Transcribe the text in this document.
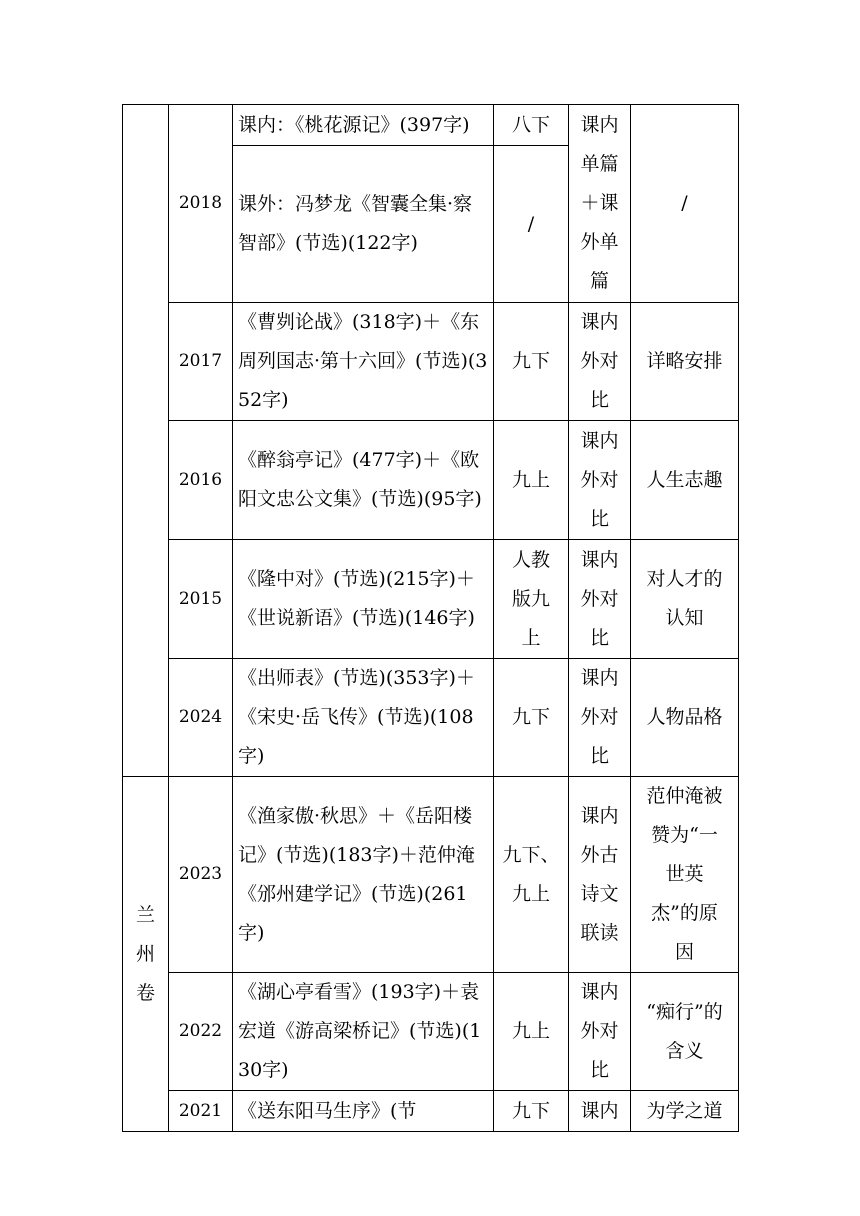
	2018	课内：《桃花源记》(397字)	八下	课内单篇＋课外单篇	/
		课外：冯梦龙《智囊全集·察智部》(节选)(122字)	/		
	2017	《曹刿论战》(318字)＋《东周列国志·第十六回》(节选)(352字)	九下	课内外对比	详略安排
	2016	《醉翁亭记》(477字)＋《欧阳文忠公文集》(节选)(95字)	九上	课内外对比	人生志趣
	2015	《隆中对》(节选)(215字)＋《世说新语》(节选)(146字)	人教版九上	课内外对比	对人才的认知

	2024	《出师表》(节选)(353字)＋《宋史·岳飞传》(节选)(108字)	九下	课内外对比	人物品格

兰州卷	2023	《渔家傲·秋思》＋《岳阳楼记》(节选)(183字)＋范仲淹《邠州建学记》(节选)(261字)	九下、九上	课内外古诗文联读	范仲淹被赞为“一世英杰”的原因

	2022	《湖心亭看雪》(193字)＋袁宏道《游高梁桥记》(节选)(130字)	九上	课内外对比	“痴行”的含义

	2021	《送东阳马生序》(节	九下	课内	为学之道
